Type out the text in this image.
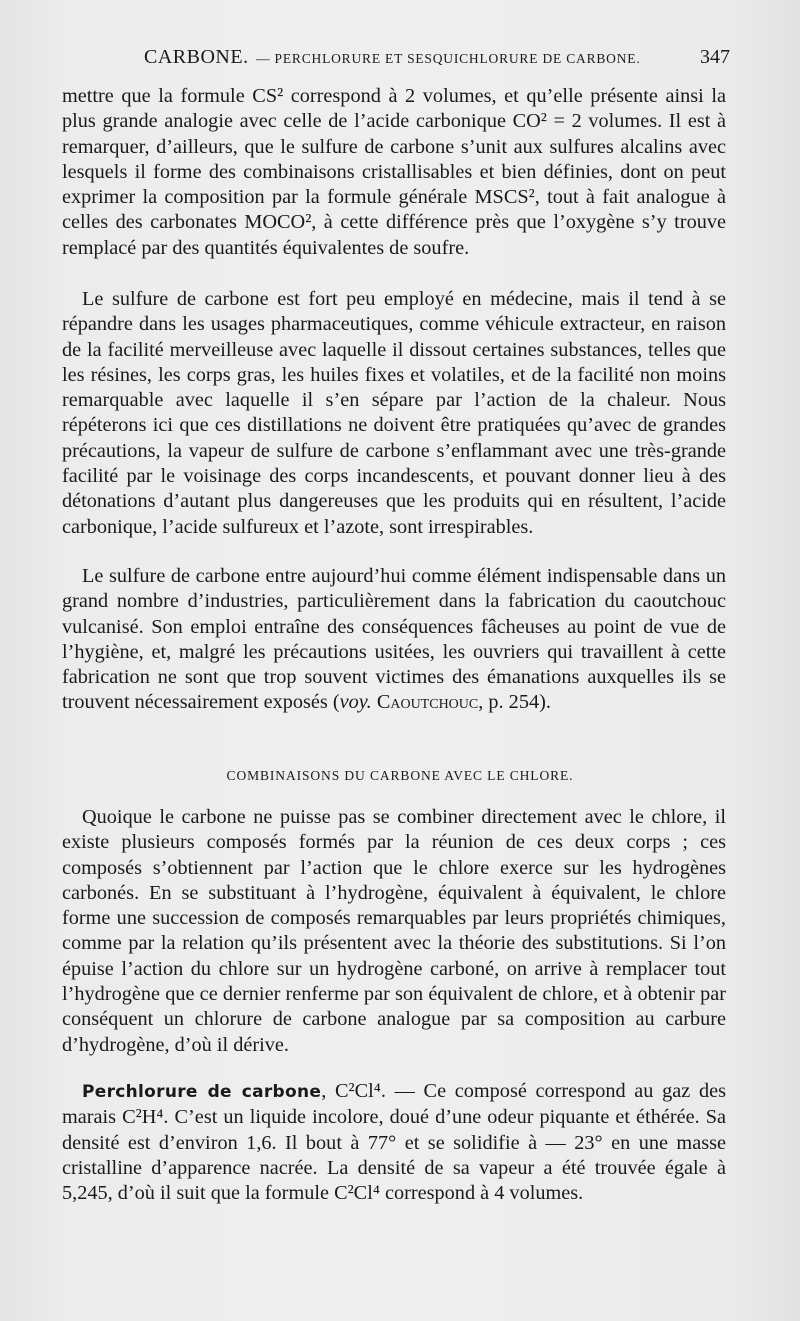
CARBONE. — PERCHLORURE ET SESQUICHLORURE DE CARBONE.	347

mettre que la formule CS² correspond à 2 volumes, et qu’elle présente ainsi la plus grande analogie avec celle de l’acide carbonique CO² = 2 volumes. Il est à remarquer, d’ailleurs, que le sulfure de carbone s’unit aux sulfures alcalins avec lesquels il forme des combinaisons cristallisables et bien définies, dont on peut exprimer la composition par la formule générale MSCS², tout à fait analogue à celles des carbonates MOCO², à cette différence près que l’oxygène s’y trouve remplacé par des quantités équivalentes de soufre.

Le sulfure de carbone est fort peu employé en médecine, mais il tend à se répandre dans les usages pharmaceutiques, comme véhicule extracteur, en raison de la facilité merveilleuse avec laquelle il dissout certaines substances, telles que les résines, les corps gras, les huiles fixes et volatiles, et de la facilité non moins remarquable avec laquelle il s’en sépare par l’action de la chaleur. Nous répéterons ici que ces distillations ne doivent être pratiquées qu’avec de grandes précautions, la vapeur de sulfure de carbone s’enflammant avec une très-grande facilité par le voisinage des corps incandescents, et pouvant donner lieu à des détonations d’autant plus dangereuses que les produits qui en résultent, l’acide carbonique, l’acide sulfureux et l’azote, sont irrespirables.

Le sulfure de carbone entre aujourd’hui comme élément indispensable dans un grand nombre d’industries, particulièrement dans la fabrication du caoutchouc vulcanisé. Son emploi entraîne des conséquences fâcheuses au point de vue de l’hygiène, et, malgré les précautions usitées, les ouvriers qui travaillent à cette fabrication ne sont que trop souvent victimes des émanations auxquelles ils se trouvent nécessairement exposés (voy. Caoutchouc, p. 254).

COMBINAISONS DU CARBONE AVEC LE CHLORE.

Quoique le carbone ne puisse pas se combiner directement avec le chlore, il existe plusieurs composés formés par la réunion de ces deux corps ; ces composés s’obtiennent par l’action que le chlore exerce sur les hydrogènes carbonés. En se substituant à l’hydrogène, équivalent à équivalent, le chlore forme une succession de composés remarquables par leurs propriétés chimiques, comme par la relation qu’ils présentent avec la théorie des substitutions. Si l’on épuise l’action du chlore sur un hydrogène carboné, on arrive à remplacer tout l’hydrogène que ce dernier renferme par son équivalent de chlore, et à obtenir par conséquent un chlorure de carbone analogue par sa composition au carbure d’hydrogène, d’où il dérive.

Perchlorure de carbone, C²Cl⁴. — Ce composé correspond au gaz des marais C²H⁴. C’est un liquide incolore, doué d’une odeur piquante et éthérée. Sa densité est d’environ 1,6. Il bout à 77° et se solidifie à — 23° en une masse cristalline d’apparence nacrée. La densité de sa vapeur a été trouvée égale à 5,245, d’où il suit que la formule C²Cl⁴ correspond à 4 volumes.
